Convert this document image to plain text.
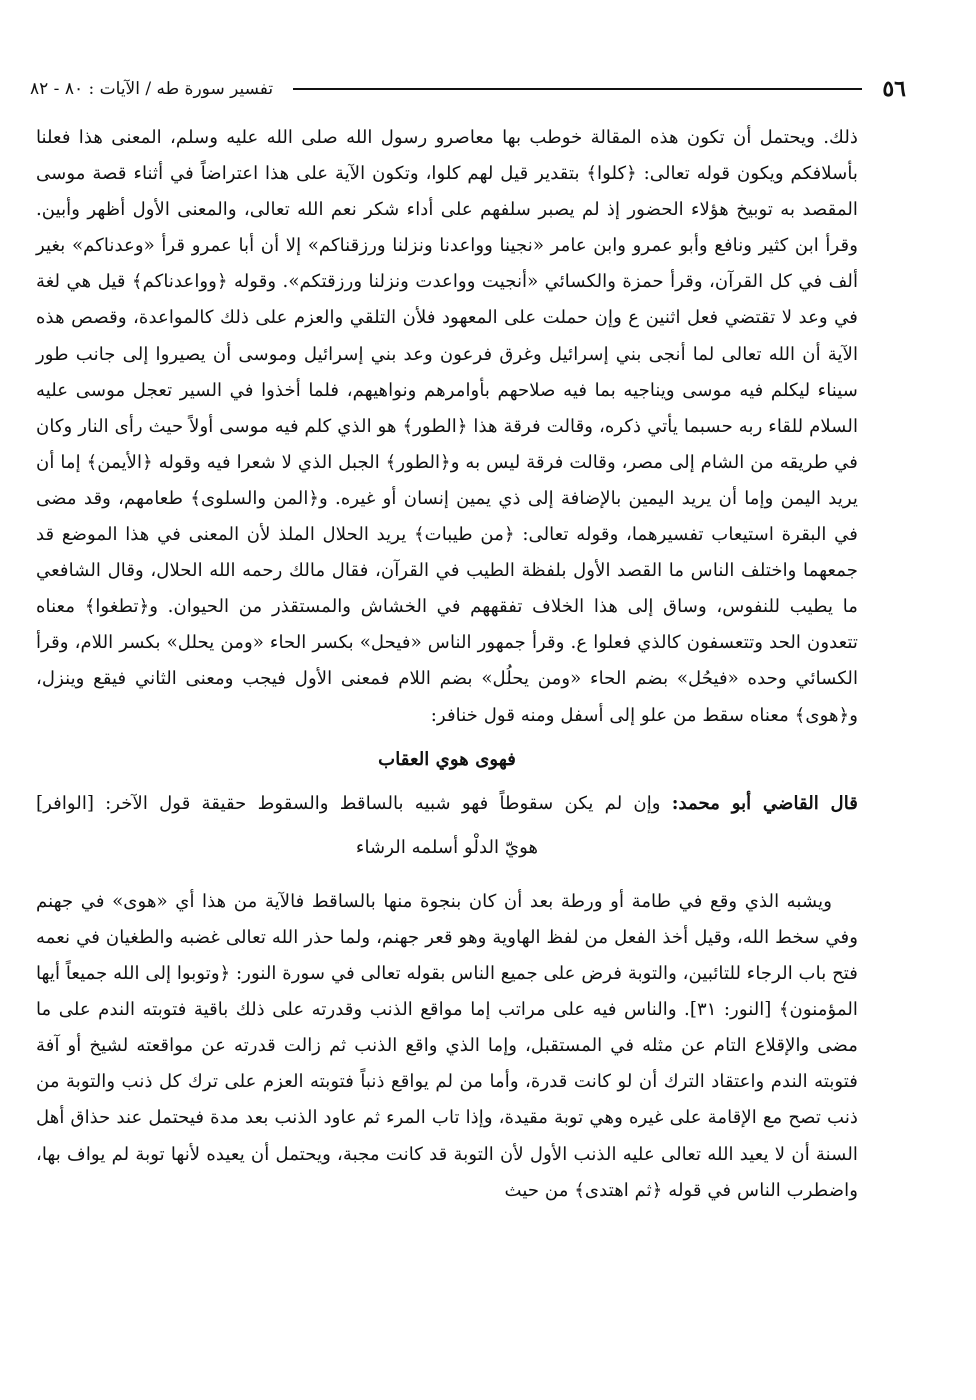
٥٦
تفسير سورة طه / الآيات : ٨٠ - ٨٢

ذلك. ويحتمل أن تكون هذه المقالة خوطب بها معاصرو رسول الله صلى الله عليه وسلم، المعنى هذا فعلنا بأسلافكم ويكون قوله تعالى: ﴿كلوا﴾ بتقدير قيل لهم كلوا، وتكون الآية على هذا اعتراضاً في أثناء قصة موسى المقصد به توبيخ هؤلاء الحضور إذ لم يصبر سلفهم على أداء شكر نعم الله تعالى، والمعنى الأول أظهر وأبين. وقرأ ابن كثير ونافع وأبو عمرو وابن عامر «نجينا وواعدنا ونزلنا ورزقناكم» إلا أن أبا عمرو قرأ «وعدناكم» بغير ألف في كل القرآن، وقرأ حمزة والكسائي «أنجيت وواعدت ونزلنا ورزقتكم». وقوله ﴿وواعدناكم﴾ قيل هي لغة في وعد لا تقتضي فعل اثنين ع وإن حملت على المعهود فلأن التلقي والعزم على ذلك كالمواعدة، وقصص هذه الآية أن الله تعالى لما أنجى بني إسرائيل وغرق فرعون وعد بني إسرائيل وموسى أن يصيروا إلى جانب طور سيناء ليكلم فيه موسى ويناجيه بما فيه صلاحهم بأوامرهم ونواهيهم، فلما أخذوا في السير تعجل موسى عليه السلام للقاء ربه حسبما يأتي ذكره، وقالت فرقة هذا ﴿الطور﴾ هو الذي كلم فيه موسى أولاً حيث رأى النار وكان في طريقه من الشام إلى مصر، وقالت فرقة ليس به و﴿الطور﴾ الجبل الذي لا شعرا فيه وقوله ﴿الأيمن﴾ إما أن يريد اليمن وإما أن يريد اليمين بالإضافة إلى ذي يمين إنسان أو غيره. و﴿المن والسلوى﴾ طعامهم، وقد مضى في البقرة استيعاب تفسيرهما، وقوله تعالى: ﴿من طيبات﴾ يريد الحلال الملذ لأن المعنى في هذا الموضع قد جمعهما واختلف الناس ما القصد الأول بلفظة الطيب في القرآن، فقال مالك رحمه الله الحلال، وقال الشافعي ما يطيب للنفوس، وساق إلى هذا الخلاف تفقههم في الخشاش والمستقذر من الحيوان. و﴿تطغوا﴾ معناه تتعدون الحد وتتعسفون كالذي فعلوا ع. وقرأ جمهور الناس «فيحل» بكسر الحاء «ومن يحلل» بكسر اللام، وقرأ الكسائي وحده «فيحُل» بضم الحاء «ومن يحلُل» بضم اللام فمعنى الأول فيجب ومعنى الثاني فيقع وينزل، و﴿هوى﴾ معناه سقط من علو إلى أسفل ومنه قول خنافر:

فهوى هوي العقاب
قال القاضي أبو محمد: وإن لم يكن سقوطاً فهو شبيه بالساقط والسقوط حقيقة قول الآخر: [الوافر]
هويّ الدلْو أسلمه الرشاء

ويشبه الذي وقع في طامة أو ورطة بعد أن كان بنجوة منها بالساقط فالآية من هذا أي «هوى» في جهنم وفي سخط الله، وقيل أخذ الفعل من لفظ الهاوية وهو قعر جهنم، ولما حذر الله تعالى غضبه والطغيان في نعمه فتح باب الرجاء للتائبين، والتوبة فرض على جميع الناس بقوله تعالى في سورة النور: ﴿وتوبوا إلى الله جميعاً أيها المؤمنون﴾ [النور: ٣١]. والناس فيه على مراتب إما مواقع الذنب وقدرته على ذلك باقية فتوبته الندم على ما مضى والإقلاع التام عن مثله في المستقبل، وإما الذي واقع الذنب ثم زالت قدرته عن مواقعته لشيخ أو آفة فتوبته الندم واعتقاد الترك أن لو كانت قدرة، وأما من لم يواقع ذنباً فتوبته العزم على ترك كل ذنب والتوبة من ذنب تصح مع الإقامة على غيره وهي توبة مقيدة، وإذا تاب المرء ثم عاود الذنب بعد مدة فيحتمل عند حذاق أهل السنة أن لا يعيد الله تعالى عليه الذنب الأول لأن التوبة قد كانت مجبة، ويحتمل أن يعيده لأنها توبة لم يواف بها، واضطرب الناس في قوله ﴿ثم اهتدى﴾ من حيث
